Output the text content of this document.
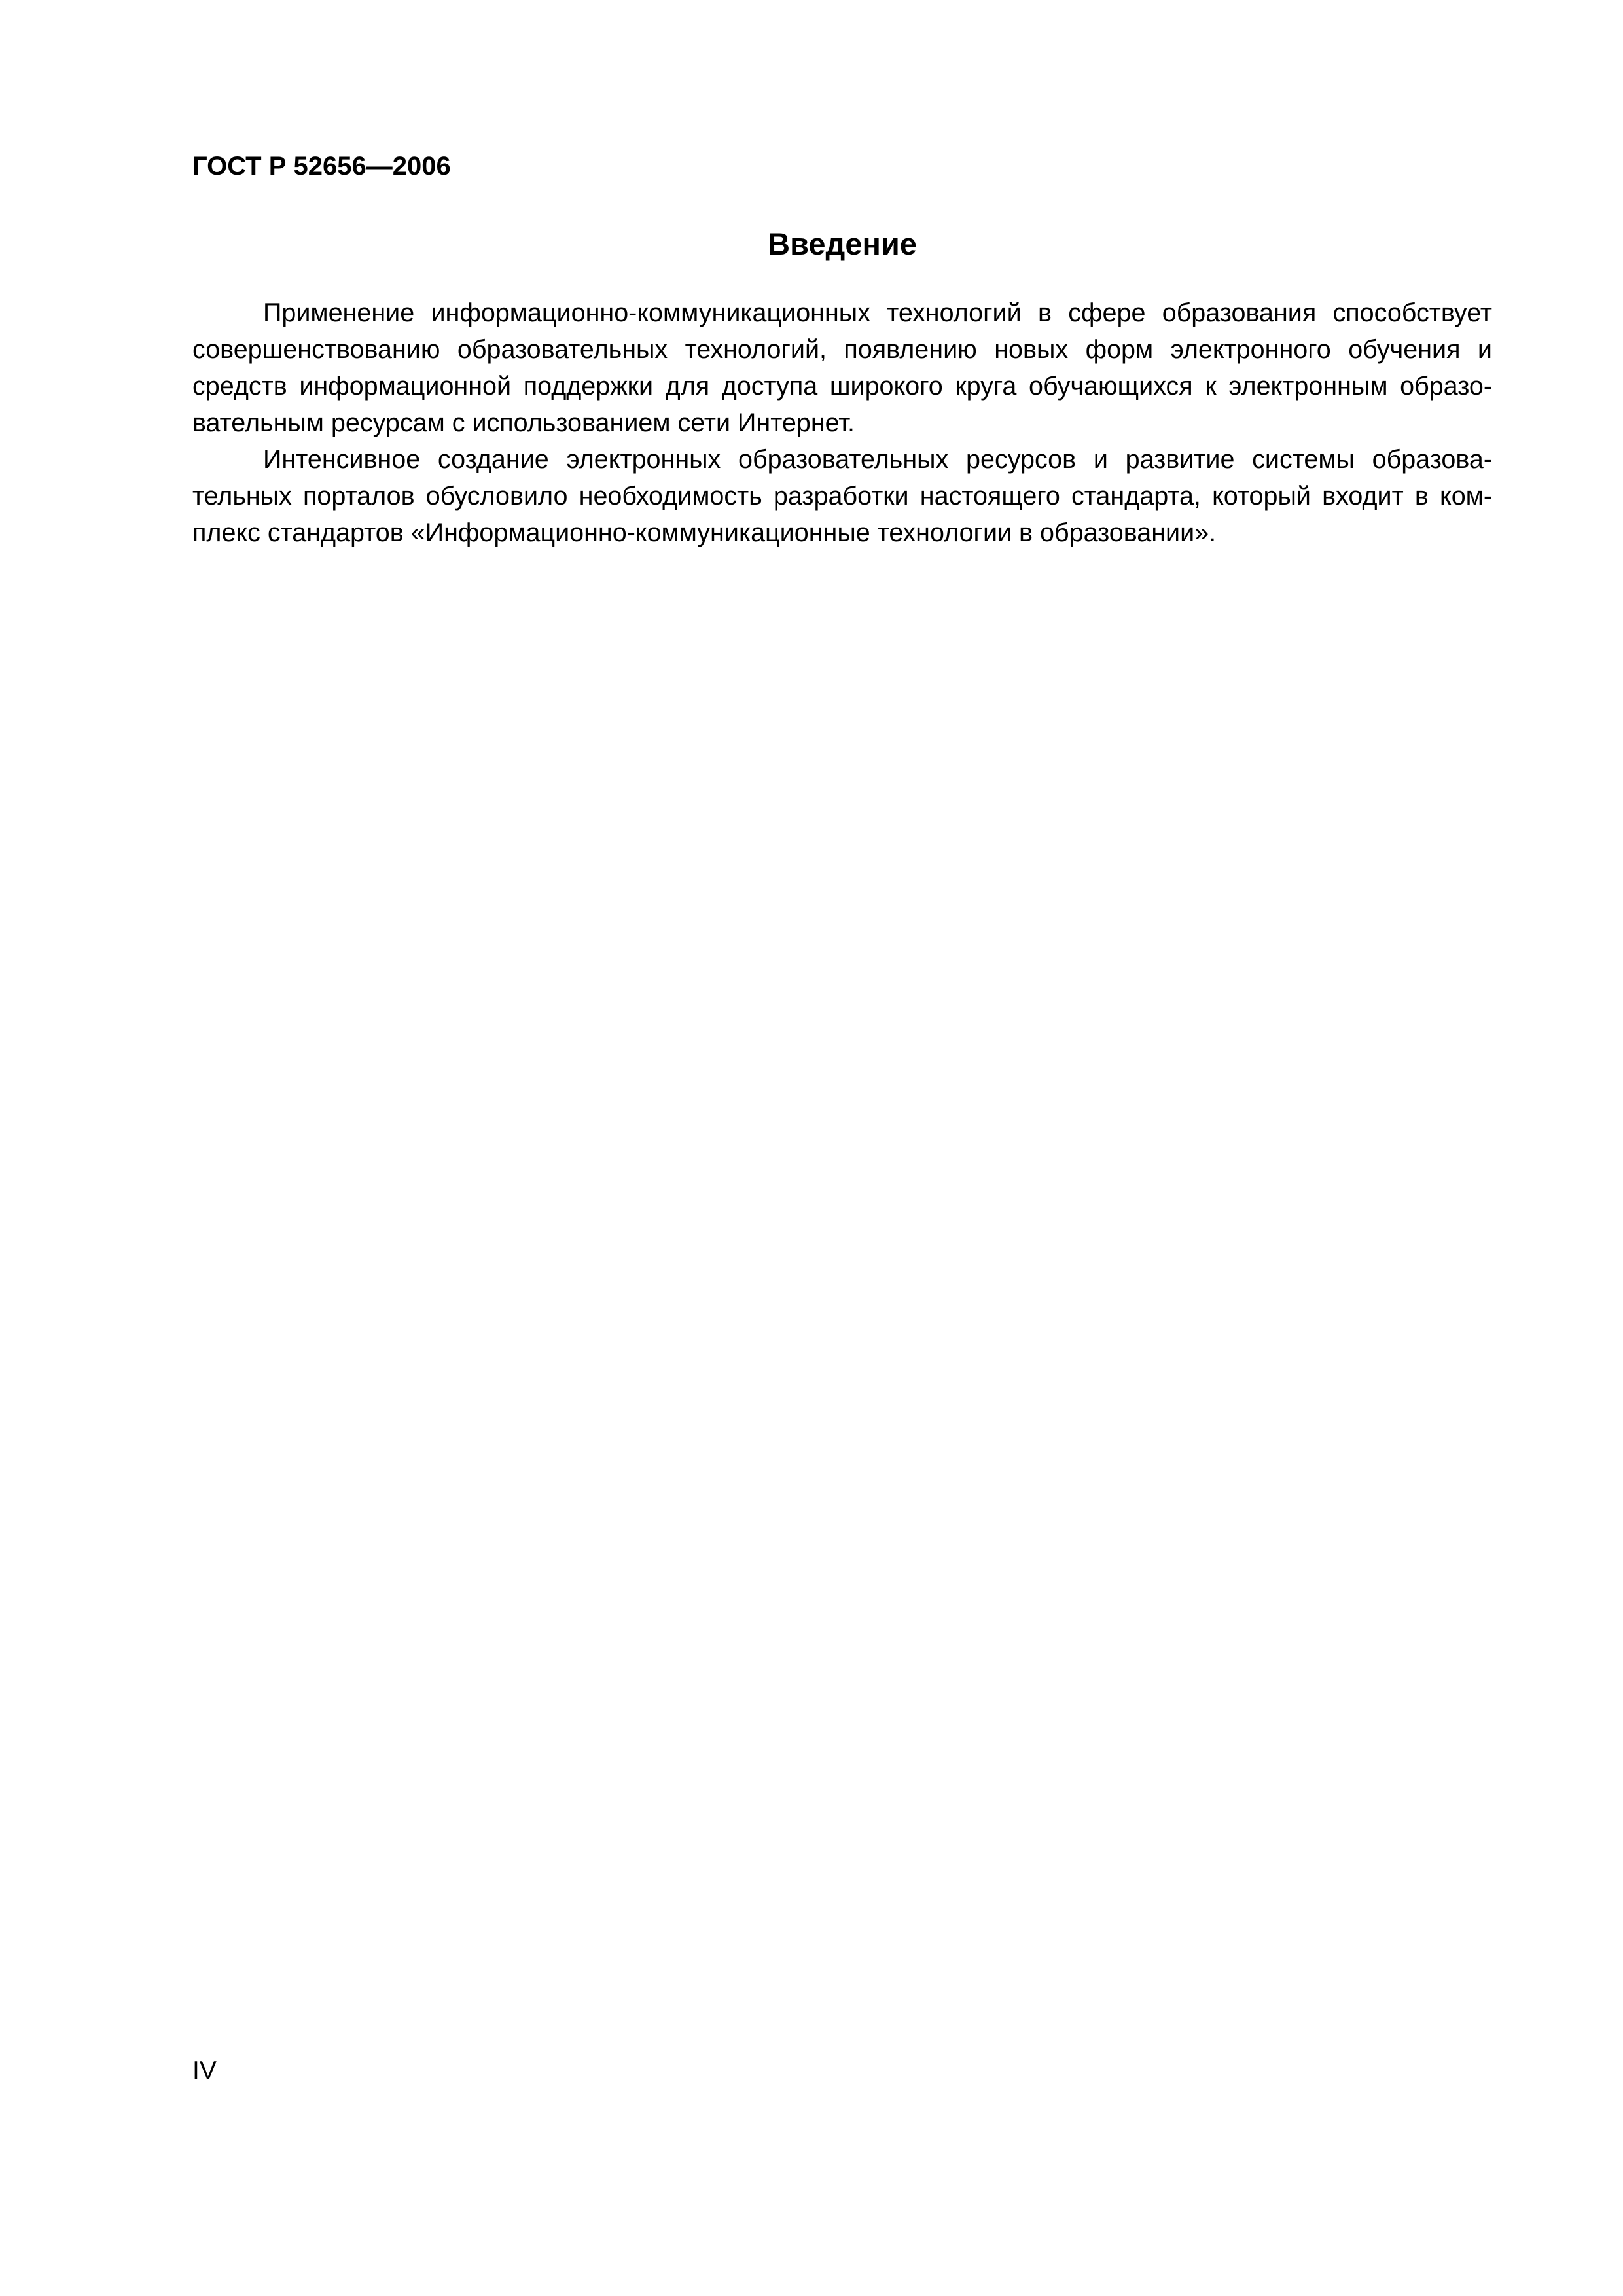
ГОСТ Р 52656—2006
Введение

Применение информационно-коммуникационных технологий в сфере образования способствует совершенствованию образовательных технологий, появлению новых форм электронного обучения и средств информационной поддержки для доступа широкого круга обучающихся к электронным образовательным ресурсам с использованием сети Интернет.

Интенсивное создание электронных образовательных ресурсов и развитие системы образовательных порталов обусловило необходимость разработки настоящего стандарта, который входит в комплекс стандартов «Информационно-коммуникационные технологии в образовании».

IV
